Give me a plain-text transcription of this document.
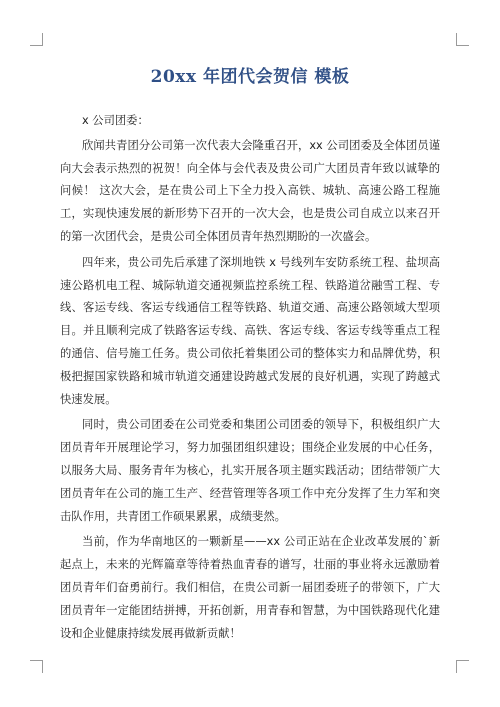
20xx 年团代会贺信 模板

x 公司团委：

欣闻共青团分公司第一次代表大会隆重召开，xx 公司团委及全体团员谨向大会表示热烈的祝贺！向全体与会代表及贵公司广大团员青年致以诚挚的问候！ 这次大会，是在贵公司上下全力投入高铁、城轨、高速公路工程施工，实现快速发展的新形势下召开的一次大会，也是贵公司自成立以来召开的第一次团代会，是贵公司全体团员青年热烈期盼的一次盛会。

四年来，贵公司先后承建了深圳地铁 x 号线列车安防系统工程、盐坝高速公路机电工程、城际轨道交通视频监控系统工程、铁路道岔融雪工程、专线、客运专线、客运专线通信工程等铁路、轨道交通、高速公路领域大型项目。并且顺利完成了铁路客运专线、高铁、客运专线、客运专线等重点工程的通信、信号施工任务。贵公司依托着集团公司的整体实力和品牌优势，积极把握国家铁路和城市轨道交通建设跨越式发展的良好机遇，实现了跨越式快速发展。

同时，贵公司团委在公司党委和集团公司团委的领导下，积极组织广大团员青年开展理论学习，努力加强团组织建设；围绕企业发展的中心任务，以服务大局、服务青年为核心，扎实开展各项主题实践活动；团结带领广大团员青年在公司的施工生产、经营管理等各项工作中充分发挥了生力军和突击队作用，共青团工作硕果累累，成绩斐然。

当前，作为华南地区的一颗新星——xx 公司正站在企业改革发展的`新起点上，未来的光辉篇章等待着热血青春的谱写，壮丽的事业将永远激励着团员青年们奋勇前行。我们相信，在贵公司新一届团委班子的带领下，广大团员青年一定能团结拼搏，开拓创新，用青春和智慧，为中国铁路现代化建设和企业健康持续发展再做新贡献！
